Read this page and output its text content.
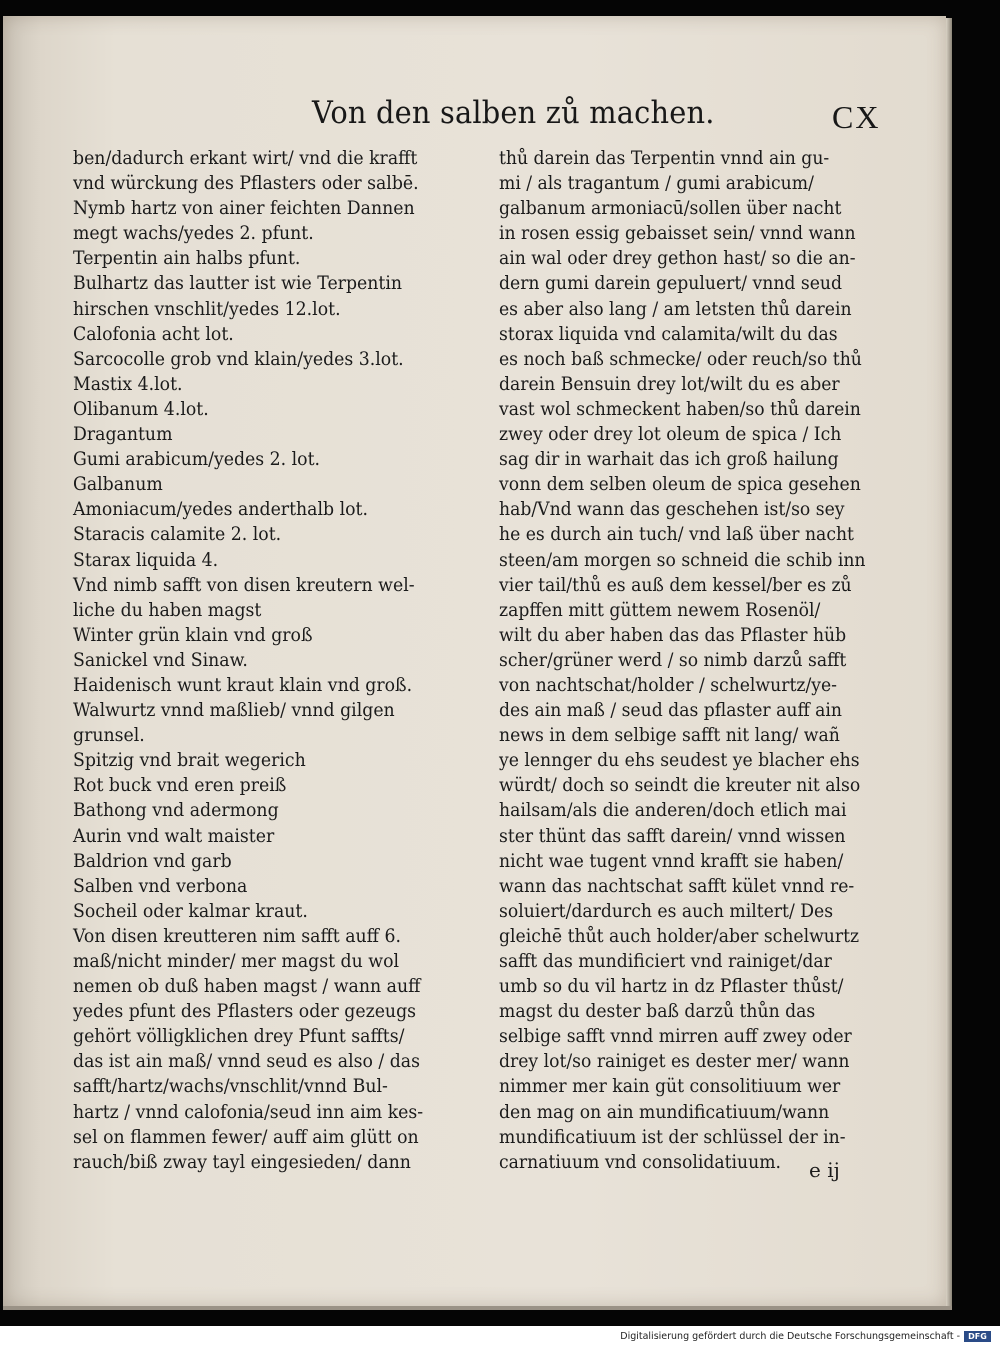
Von den salben zů machen.	CX
ben/dadurch erkant wirt/ vnd die krafft
vnd würckung des Pflasters oder salbē.
Nymb hartz von ainer feichten Dannen
megt wachs/yedes 2. pfunt.
Terpentin ain halbs pfunt.
Bulhartz das lautter ist wie Terpentin
hirschen vnschlit/yedes 12.lot.
Calofonia acht lot.
Sarcocolle grob vnd klain/yedes 3.lot.
Mastix 4.lot.
Olibanum 4.lot.
Dragantum
Gumi arabicum/yedes 2. lot.
Galbanum
Amoniacum/yedes anderthalb lot.
Staracis calamite 2. lot.
Starax liquida 4.
Vnd nimb safft von disen kreutern wel-
liche du haben magst
Winter grün klain vnd groß
Sanickel vnd Sinaw.
Haidenisch wunt kraut klain vnd groß.
Walwurtz vnnd maßlieb/ vnnd gilgen
grunsel.
Spitzig vnd brait wegerich
Rot buck vnd eren preiß
Bathong vnd adermong
Aurin vnd walt maister
Baldrion vnd garb
Salben vnd verbona
Socheil oder kalmar kraut.
Von disen kreutteren nim safft auff 6.
maß/nicht minder/ mer magst du wol
nemen ob duß haben magst / wann auff
yedes pfunt des Pflasters oder gezeugs
gehört völligklichen drey Pfunt saffts/
das ist ain maß/ vnnd seud es also / das
safft/hartz/wachs/vnschlit/vnnd Bul-
hartz / vnnd calofonia/seud inn aim kes-
sel on flammen fewer/ auff aim glütt on
rauch/biß zway tayl eingesieden/ dann
thů darein das Terpentin vnnd ain gu-
mi / als tragantum / gumi arabicum/
galbanum armoniacū/sollen über nacht
in rosen essig gebaisset sein/ vnnd wann
ain wal oder drey gethon hast/ so die an-
dern gumi darein gepuluert/ vnnd seud
es aber also lang / am letsten thů darein
storax liquida vnd calamita/wilt du das
es noch baß schmecke/ oder reuch/so thů
darein Bensuin drey lot/wilt du es aber
vast wol schmeckent haben/so thů darein
zwey oder drey lot oleum de spica / Ich
sag dir in warhait das ich groß hailung
vonn dem selben oleum de spica gesehen
hab/Vnd wann das geschehen ist/so sey
he es durch ain tuch/ vnd laß über nacht
steen/am morgen so schneid die schib inn
vier tail/thů es auß dem kessel/ber es zů
zapffen mitt güttem newem Rosenöl/
wilt du aber haben das das Pflaster hüb
scher/grüner werd / so nimb darzů safft
von nachtschat/holder / schelwurtz/ye-
des ain maß / seud das pflaster auff ain
news in dem selbige safft nit lang/ wañ
ye lennger du ehs seudest ye blacher ehs
würdt/ doch so seindt die kreuter nit also
hailsam/als die anderen/doch etlich mai
ster thünt das safft darein/ vnnd wissen
nicht wae tugent vnnd krafft sie haben/
wann das nachtschat safft kület vnnd re-
soluiert/dardurch es auch miltert/ Des
gleichē thůt auch holder/aber schelwurtz
safft das mundificiert vnd rainiget/dar
umb so du vil hartz in dz Pflaster thůst/
magst du dester baß darzů thůn das
selbige safft vnnd mirren auff zwey oder
drey lot/so rainiget es dester mer/ wann
nimmer mer kain güt consolitiuum wer
den mag on ain mundificatiuum/wann
mundificatiuum ist der schlüssel der in-
carnatiuum vnd consolidatiuum.	e ij
Digitalisierung gefördert durch die Deutsche Forschungsgemeinschaft -	DFG
